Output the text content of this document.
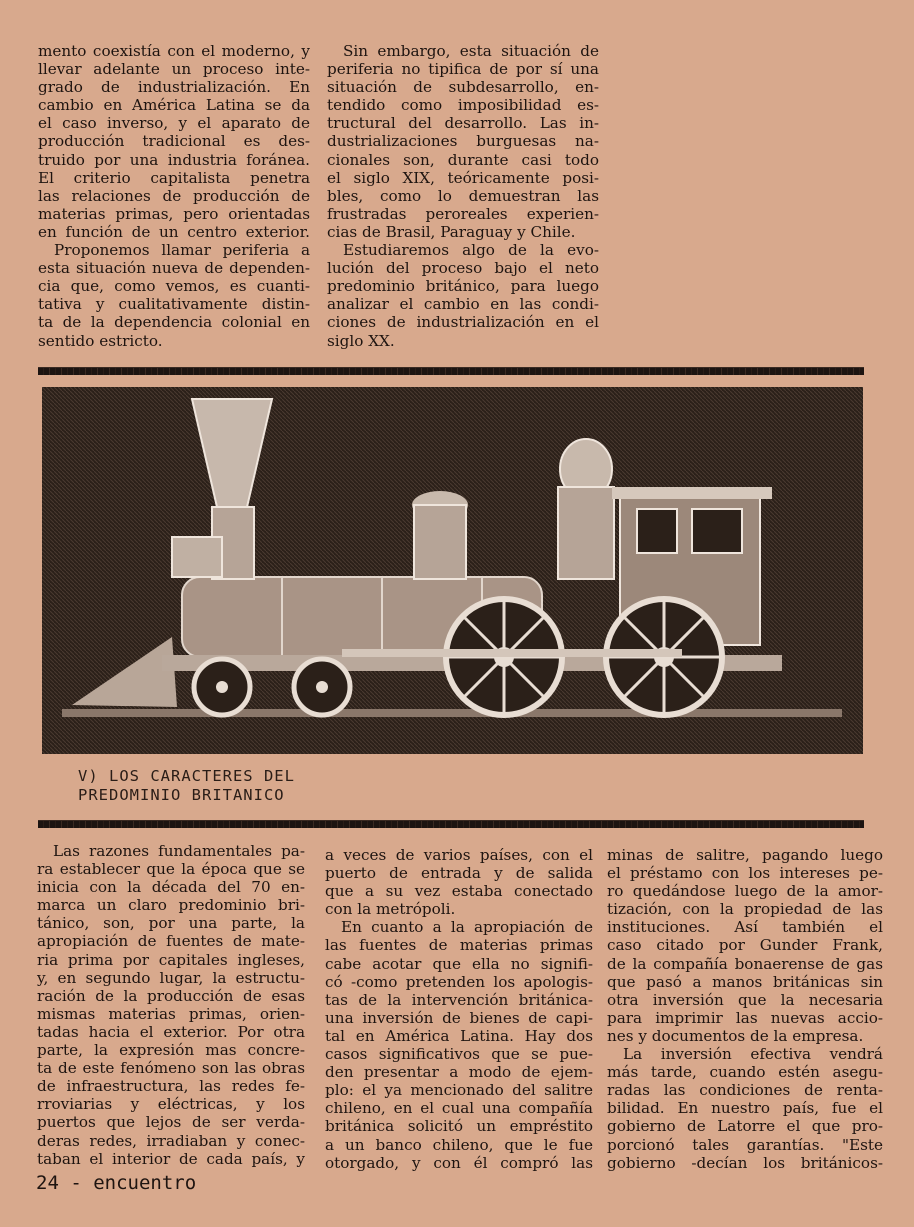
mento coexistía con el moderno, y
llevar adelante un proceso inte-
grado de industrialización. En
cambio en América Latina se da
el caso inverso, y el aparato de
producción tradicional es des-
truido por una industria foránea.
El criterio capitalista penetra
las relaciones de producción de
materias primas, pero orientadas
en función de un centro exterior.
Proponemos llamar periferia a
esta situación nueva de dependen-
cia que, como vemos, es cuanti-
tativa y cualitativamente distin-
ta de la dependencia colonial en
sentido estricto.
Sin embargo, esta situación de
periferia no tipifica de por sí una
situación de subdesarrollo, en-
tendido como imposibilidad es-
tructural del desarrollo. Las in-
dustrializaciones burguesas na-
cionales son, durante casi todo
el siglo XIX, teóricamente posi-
bles, como lo demuestran las
frustradas peroreales experien-
cias de Brasil, Paraguay y Chile.
Estudiaremos algo de la evo-
lución del proceso bajo el neto
predominio británico, para luego
analizar el cambio en las condi-
ciones de industrialización en el
siglo XX.
V) LOS CARACTERES DEL
PREDOMINIO BRITANICO
Las razones fundamentales pa-
ra establecer que la época que se
inicia con la década del 70 en-
marca un claro predominio bri-
tánico, son, por una parte, la
apropiación de fuentes de mate-
ria prima por capitales ingleses,
y, en segundo lugar, la estructu-
ración de la producción de esas
mismas materias primas, orien-
tadas hacia el exterior. Por otra
parte, la expresión mas concre-
ta de este fenómeno son las obras
de infraestructura, las redes fe-
rroviarias y eléctricas, y los
puertos que lejos de ser verda-
deras redes, irradiaban y conec-
taban el interior de cada país, y
a veces de varios países, con el
puerto de entrada y de salida
que a su vez estaba conectado
con la metrópoli.
En cuanto a la apropiación de
las fuentes de materias primas
cabe acotar que ella no signifi-
có -como pretenden los apologis-
tas de la intervención británica-
una inversión de bienes de capi-
tal en América Latina. Hay dos
casos significativos que se pue-
den presentar a modo de ejem-
plo: el ya mencionado del salitre
chileno, en el cual una compañía
británica solicitó un empréstito
a un banco chileno, que le fue
otorgado, y con él compró las
minas de salitre, pagando luego
el préstamo con los intereses pe-
ro quedándose luego de la amor-
tización, con la propiedad de las
instituciones. Así también el
caso citado por Gunder Frank,
de la compañía bonaerense de gas
que pasó a manos británicas sin
otra inversión que la necesaria
para imprimir las nuevas accio-
nes y documentos de la empresa.
La inversión efectiva vendrá
más tarde, cuando estén asegu-
radas las condiciones de renta-
bilidad. En nuestro país, fue el
gobierno de Latorre el que pro-
porcionó tales garantías. "Este
gobierno -decían los británicos-
24 - encuentro
